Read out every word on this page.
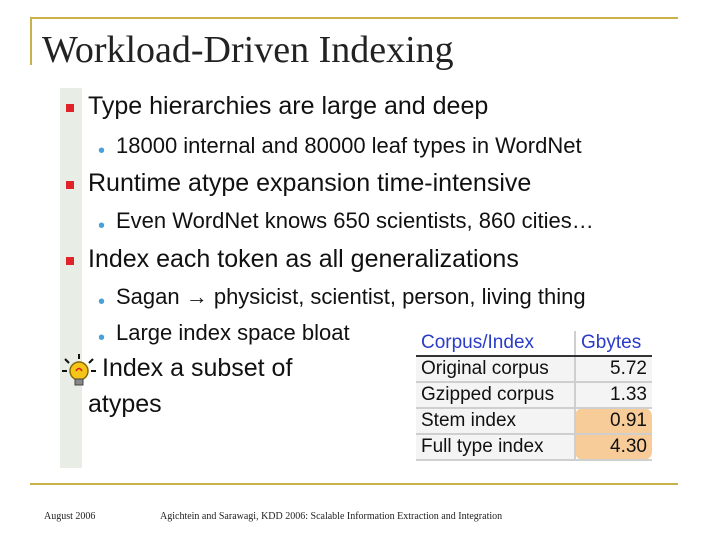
Workload-Driven Indexing
Type hierarchies are large and deep
• 18000 internal and 80000 leaf types in WordNet
Runtime atype expansion time-intensive
• Even WordNet knows 650 scientists, 860 cities…
Index each token as all generalizations
• Sagan → physicist, scientist, person, living thing
• Large index space bloat
Index a subset of
atypes
Corpus/Index	Gbytes
Original corpus	5.72
Gzipped corpus	1.33
Stem index	0.91
Full type index	4.30
August 2006	Agichtein and Sarawagi, KDD 2006: Scalable Information Extraction and Integration
